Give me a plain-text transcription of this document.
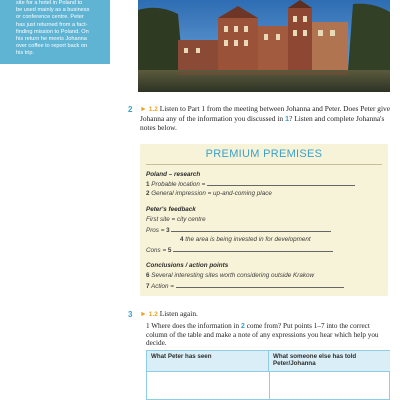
site for a hotel in Poland to
be used mainly as a business
or conference centre. Peter
has just returned from a fact-
finding mission to Poland. On
his return he meets Johanna
over coffee to report back on
his trip.
2 ► 1.2 Listen to Part 1 from the meeting between Johanna and Peter. Does Peter give Johanna any of the information you discussed in 1? Listen and complete Johanna's notes below.
PREMIUM PREMISES
Poland – research
1 Probable location =
2 General impression = up-and-coming place
Peter's feedback
First site = city centre
Pros = 3
4 the area is being invested in for development
Cons = 5
Conclusions / action points
6 Several interesting sites worth considering outside Krakow
7 Action =
3 ► 1.2 Listen again.
1 Where does the information in 2 come from? Put points 1–7 into the correct column of the table and make a note of any expressions you hear which help you decide.
What Peter has seen	What someone else has told Peter/Johanna
